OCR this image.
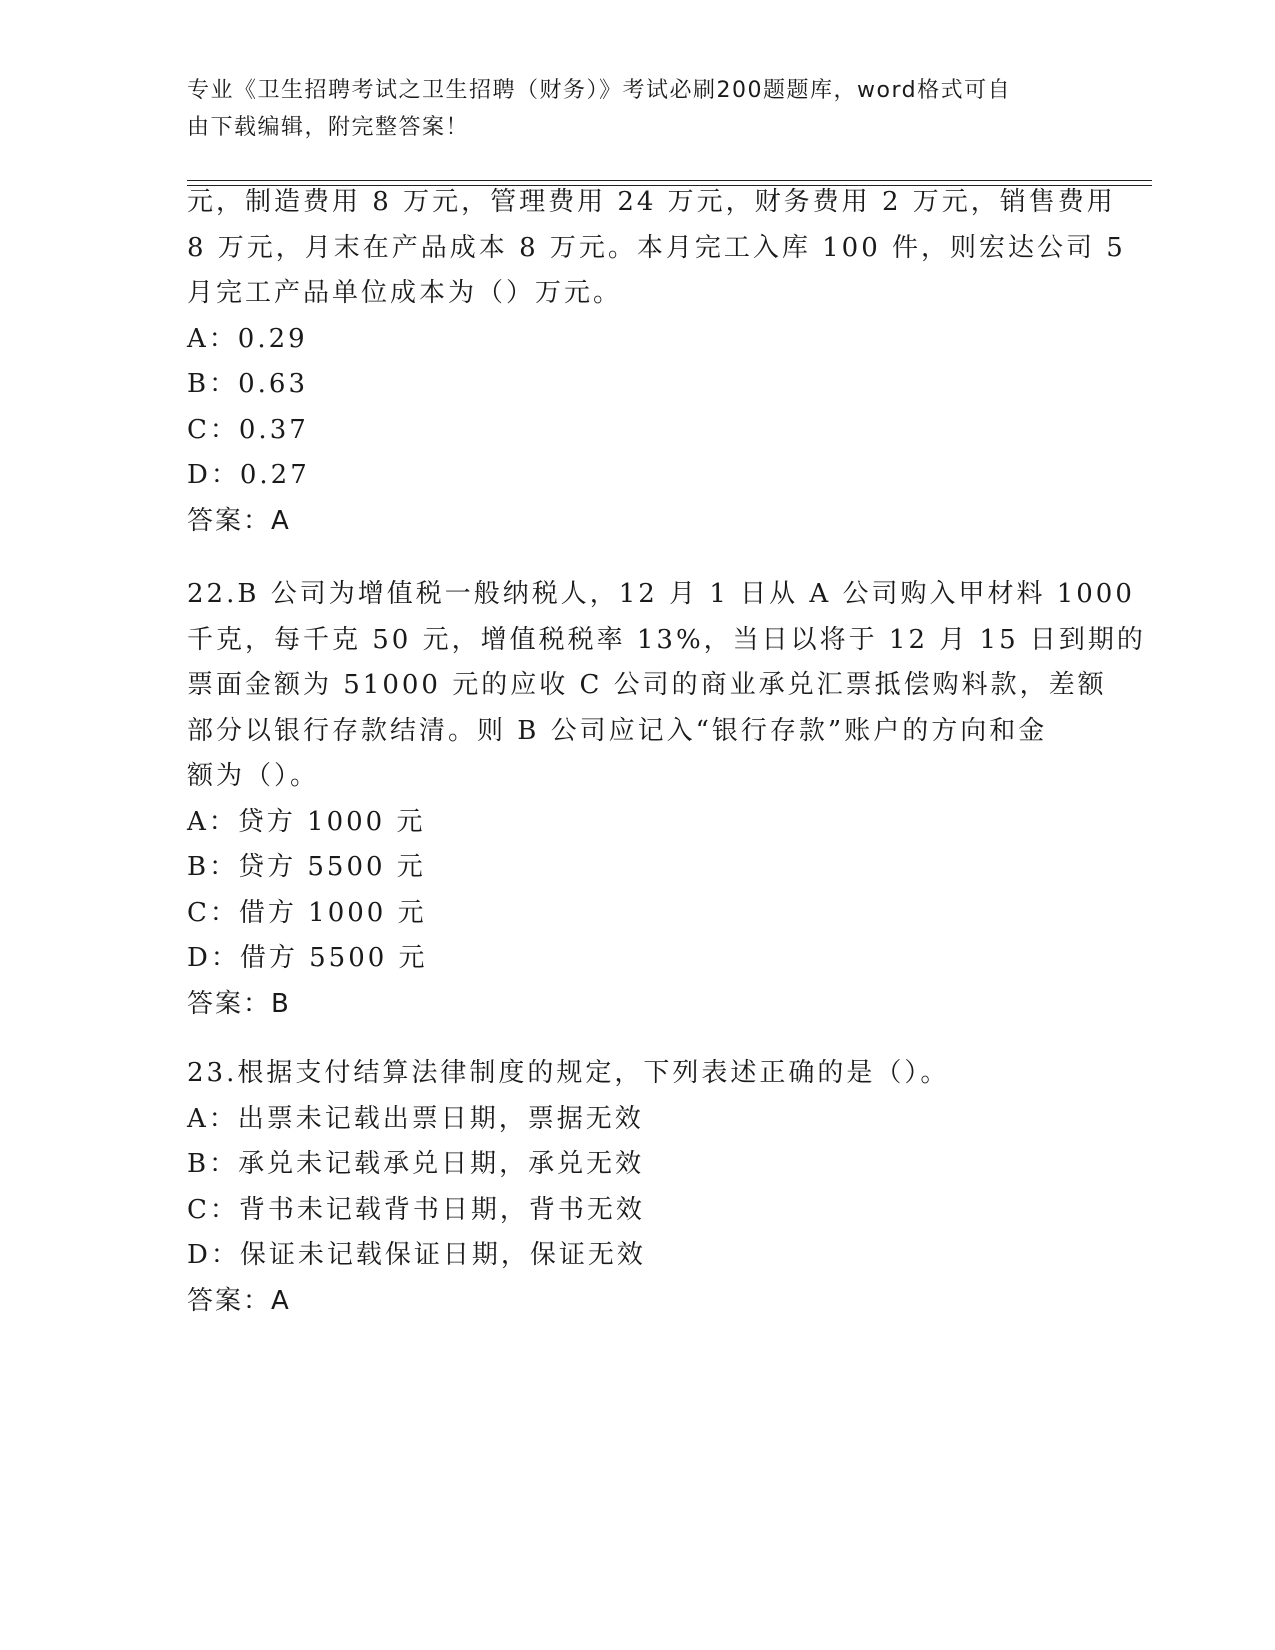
专业《卫生招聘考试之卫生招聘（财务）》考试必刷200题题库，word格式可自
由下载编辑，附完整答案！
元，制造费用 8 万元，管理费用 24 万元，财务费用 2 万元，销售费用
8 万元，月末在产品成本 8 万元。本月完工入库 100 件，则宏达公司 5
月完工产品单位成本为（）万元。
A：0.29
B：0.63
C：0.37
D：0.27
答案：A
22.B 公司为增值税一般纳税人，12 月 1 日从 A 公司购入甲材料 1000
千克，每千克 50 元，增值税税率 13%，当日以将于 12 月 15 日到期的
票面金额为 51000 元的应收 C 公司的商业承兑汇票抵偿购料款，差额
部分以银行存款结清。则 B 公司应记入“银行存款”账户的方向和金
额为（）。
A：贷方 1000 元
B：贷方 5500 元
C：借方 1000 元
D：借方 5500 元
答案：B
23.根据支付结算法律制度的规定，下列表述正确的是（）。
A：出票未记载出票日期，票据无效
B：承兑未记载承兑日期，承兑无效
C：背书未记载背书日期，背书无效
D：保证未记载保证日期，保证无效
答案：A
